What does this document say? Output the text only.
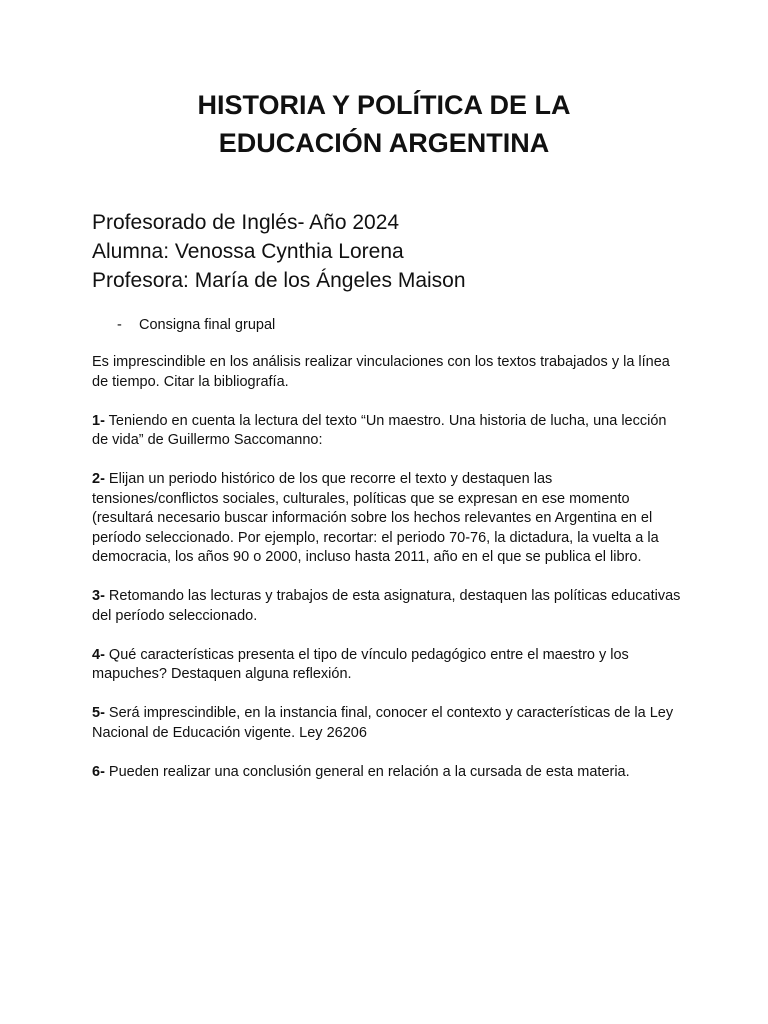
HISTORIA Y POLÍTICA DE LA
EDUCACIÓN ARGENTINA
Profesorado de Inglés- Año 2024
Alumna: Venossa Cynthia Lorena
Profesora: María de los Ángeles Maison
- Consigna final grupal

Es imprescindible en los análisis realizar vinculaciones con los textos trabajados y la línea de tiempo. Citar la bibliografía.

1- Teniendo en cuenta la lectura del texto “Un maestro. Una historia de lucha, una lección de vida” de Guillermo Saccomanno:

2- Elijan un periodo histórico de los que recorre el texto y destaquen las tensiones/conflictos sociales, culturales, políticas que se expresan en ese momento (resultará necesario buscar información sobre los hechos relevantes en Argentina en el período seleccionado. Por ejemplo, recortar: el periodo 70-76, la dictadura, la vuelta a la democracia, los años 90 o 2000, incluso hasta 2011, año en el que se publica el libro.

3- Retomando las lecturas y trabajos de esta asignatura, destaquen las políticas educativas del período seleccionado.

4- Qué características presenta el tipo de vínculo pedagógico entre el maestro y los mapuches? Destaquen alguna reflexión.

5- Será imprescindible, en la instancia final, conocer el contexto y características de la Ley Nacional de Educación vigente. Ley 26206

6- Pueden realizar una conclusión general en relación a la cursada de esta materia.
